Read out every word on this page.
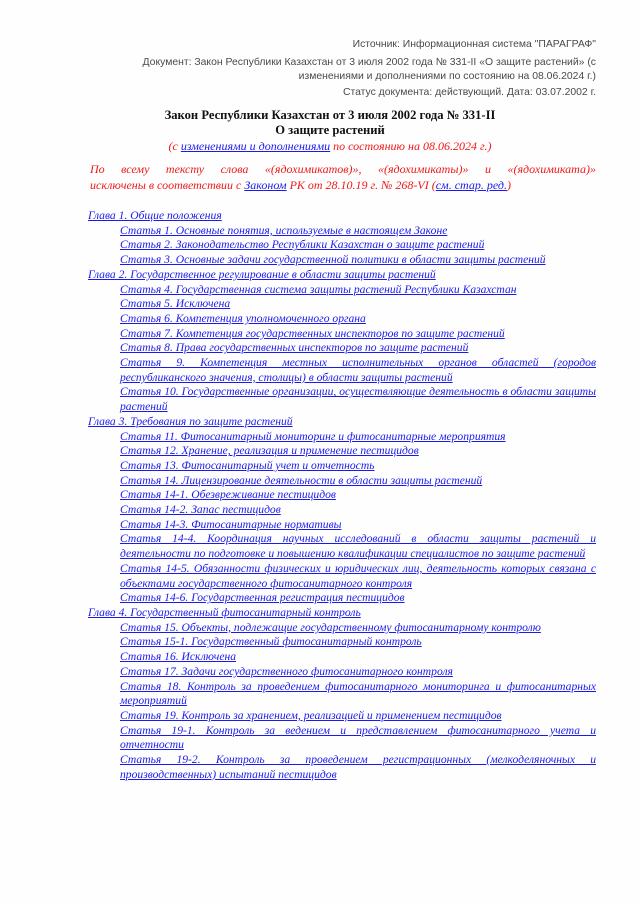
Источник: Информационная система "ПАРАГРАФ"
Документ: Закон Республики Казахстан от 3 июля 2002 года № 331-II «О защите растений» (с изменениями и дополнениями по состоянию на 08.06.2024 г.)
Статус документа: действующий. Дата: 03.07.2002 г.
Закон Республики Казахстан от 3 июля 2002 года № 331-II
О защите растений
(с изменениями и дополнениями по состоянию на 08.06.2024 г.)
По всему тексту слова «(ядохимикатов)», «(ядохимикаты)» и «(ядохимиката)»
исключены в соответствии с Законом РК от 28.10.19 г. № 268-VI (см. стар. ред.)
Глава 1. Общие положения
Статья 1. Основные понятия, используемые в настоящем Законе
Статья 2. Законодательство Республики Казахстан о защите растений
Статья 3. Основные задачи государственной политики в области защиты растений
Глава 2. Государственное регулирование в области защиты растений
Статья 4. Государственная система защиты растений Республики Казахстан
Статья 5. Исключена
Статья 6. Компетенция уполномоченного органа
Статья 7. Компетенция государственных инспекторов по защите растений
Статья 8. Права государственных инспекторов по защите растений
Статья 9. Компетенция местных исполнительных органов областей (городов республиканского значения, столицы) в области защиты растений
Статья 10. Государственные организации, осуществляющие деятельность в области защиты растений
Глава 3. Требования по защите растений
Статья 11. Фитосанитарный мониторинг и фитосанитарные мероприятия
Статья 12. Хранение, реализация и применение пестицидов
Статья 13. Фитосанитарный учет и отчетность
Статья 14. Лицензирование деятельности в области защиты растений
Статья 14-1. Обезвреживание пестицидов
Статья 14-2. Запас пестицидов
Статья 14-3. Фитосанитарные нормативы
Статья 14-4. Координация научных исследований в области защиты растений и деятельности по подготовке и повышению квалификации специалистов по защите растений
Статья 14-5. Обязанности физических и юридических лиц, деятельность которых связана с объектами государственного фитосанитарного контроля
Статья 14-6. Государственная регистрация пестицидов
Глава 4. Государственный фитосанитарный контроль
Статья 15. Объекты, подлежащие государственному фитосанитарному контролю
Статья 15-1. Государственный фитосанитарный контроль
Статья 16. Исключена
Статья 17. Задачи государственного фитосанитарного контроля
Статья 18. Контроль за проведением фитосанитарного мониторинга и фитосанитарных мероприятий
Статья 19. Контроль за хранением, реализацией и применением пестицидов
Статья 19-1. Контроль за ведением и представлением фитосанитарного учета и отчетности
Статья 19-2. Контроль за проведением регистрационных (мелкоделяночных и производственных) испытаний пестицидов
